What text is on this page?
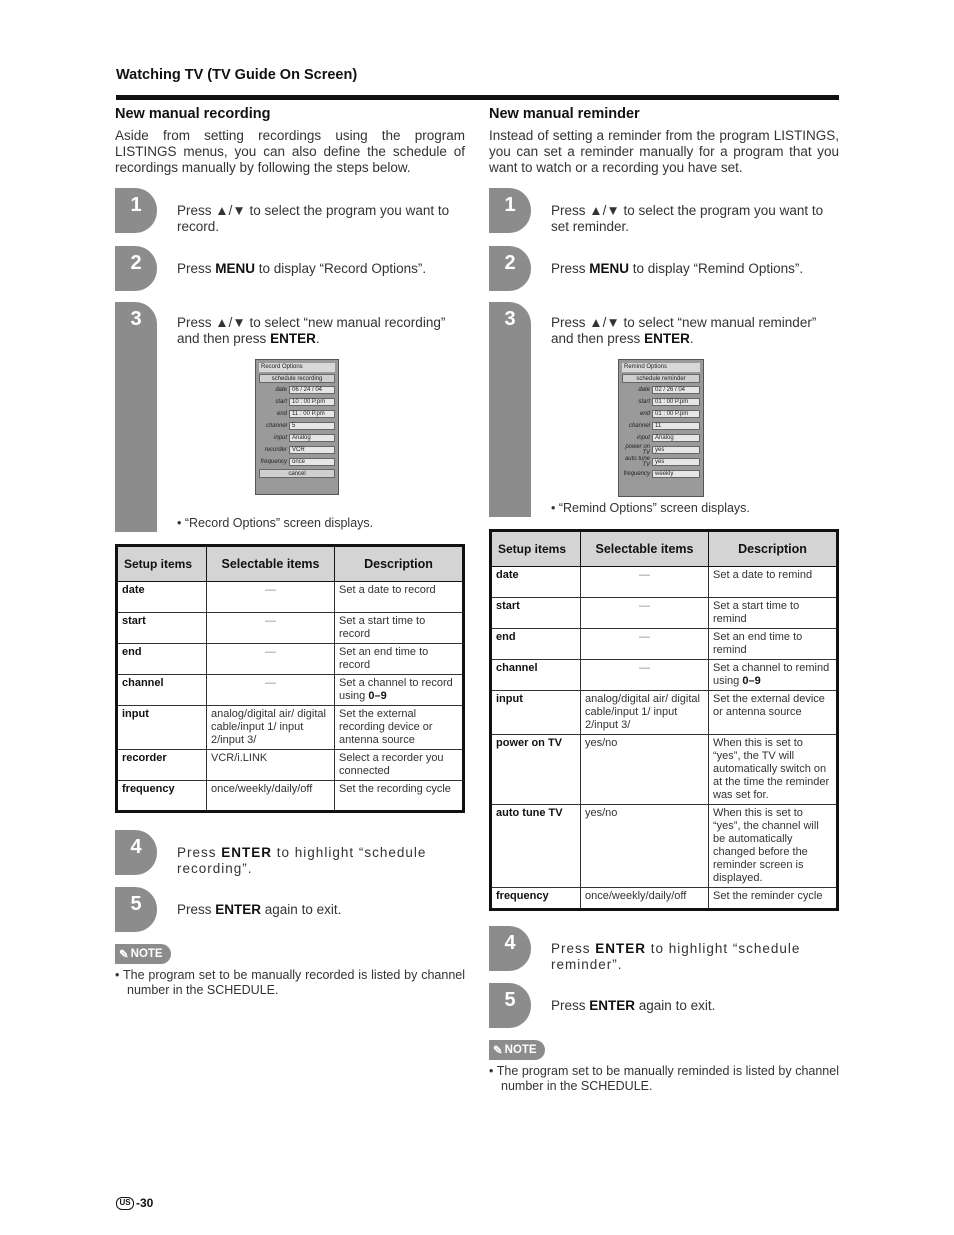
Watching TV (TV Guide On Screen)
New manual recording
Aside from setting recordings using the program LISTINGS menus, you can also define the schedule of recordings manually by following the steps below.
1	Press ▲/▼ to select the program you want to record.
2	Press MENU to display “Record Options”.
3	Press ▲/▼ to select “new manual recording” and then press ENTER.
Record Options
schedule recording
date 06 / 24 / 04
start 10 : 00 P.pm
end 11 : 00 P.pm
channel 5
input Analog
recorder VCR
frequency once
cancel
• “Record Options” screen displays.
Setup items	Selectable items	Description
date	—	Set a date to record
start	—	Set a start time to record
end	—	Set an end time to record
channel	—	Set a channel to record using 0–9
input	analog/digital air/ digital cable/input 1/ input 2/input 3/	Set the external recording device or antenna source
recorder	VCR/i.LINK	Select a recorder you connected
frequency	once/weekly/daily/off	Set the recording cycle
4	Press ENTER to highlight “schedule recording”.
5	Press ENTER again to exit.
✎ NOTE
• The program set to be manually recorded is listed by channel number in the SCHEDULE.
New manual reminder
Instead of setting a reminder from the program LISTINGS, you can set a reminder manually for a program that you want to watch or a recording you have set.
1	Press ▲/▼ to select the program you want to set reminder.
2	Press MENU to display “Remind Options”.
3	Press ▲/▼ to select “new manual reminder” and then press ENTER.
Remind Options
schedule reminder
date 02 / 26 / 04
start 01 : 00 P.pm
end 01 : 00 P.pm
channel 11
input Analog
power on TV yes
auto tune TV yes
frequency weekly
• “Remind Options” screen displays.
Setup items	Selectable items	Description
date	—	Set a date to remind
start	—	Set a start time to remind
end	—	Set an end time to remind
channel	—	Set a channel to remind using 0–9
input	analog/digital air/ digital cable/input 1/ input 2/input 3/	Set the external device or antenna source
power on TV	yes/no	When this is set to “yes”, the TV will automatically switch on at the time the reminder was set for.
auto tune TV	yes/no	When this is set to “yes”, the channel will be automatically changed before the reminder screen is displayed.
frequency	once/weekly/daily/off	Set the reminder cycle
4	Press ENTER to highlight “schedule reminder”.
5	Press ENTER again to exit.
✎ NOTE
• The program set to be manually reminded is listed by channel number in the SCHEDULE.
US -30
